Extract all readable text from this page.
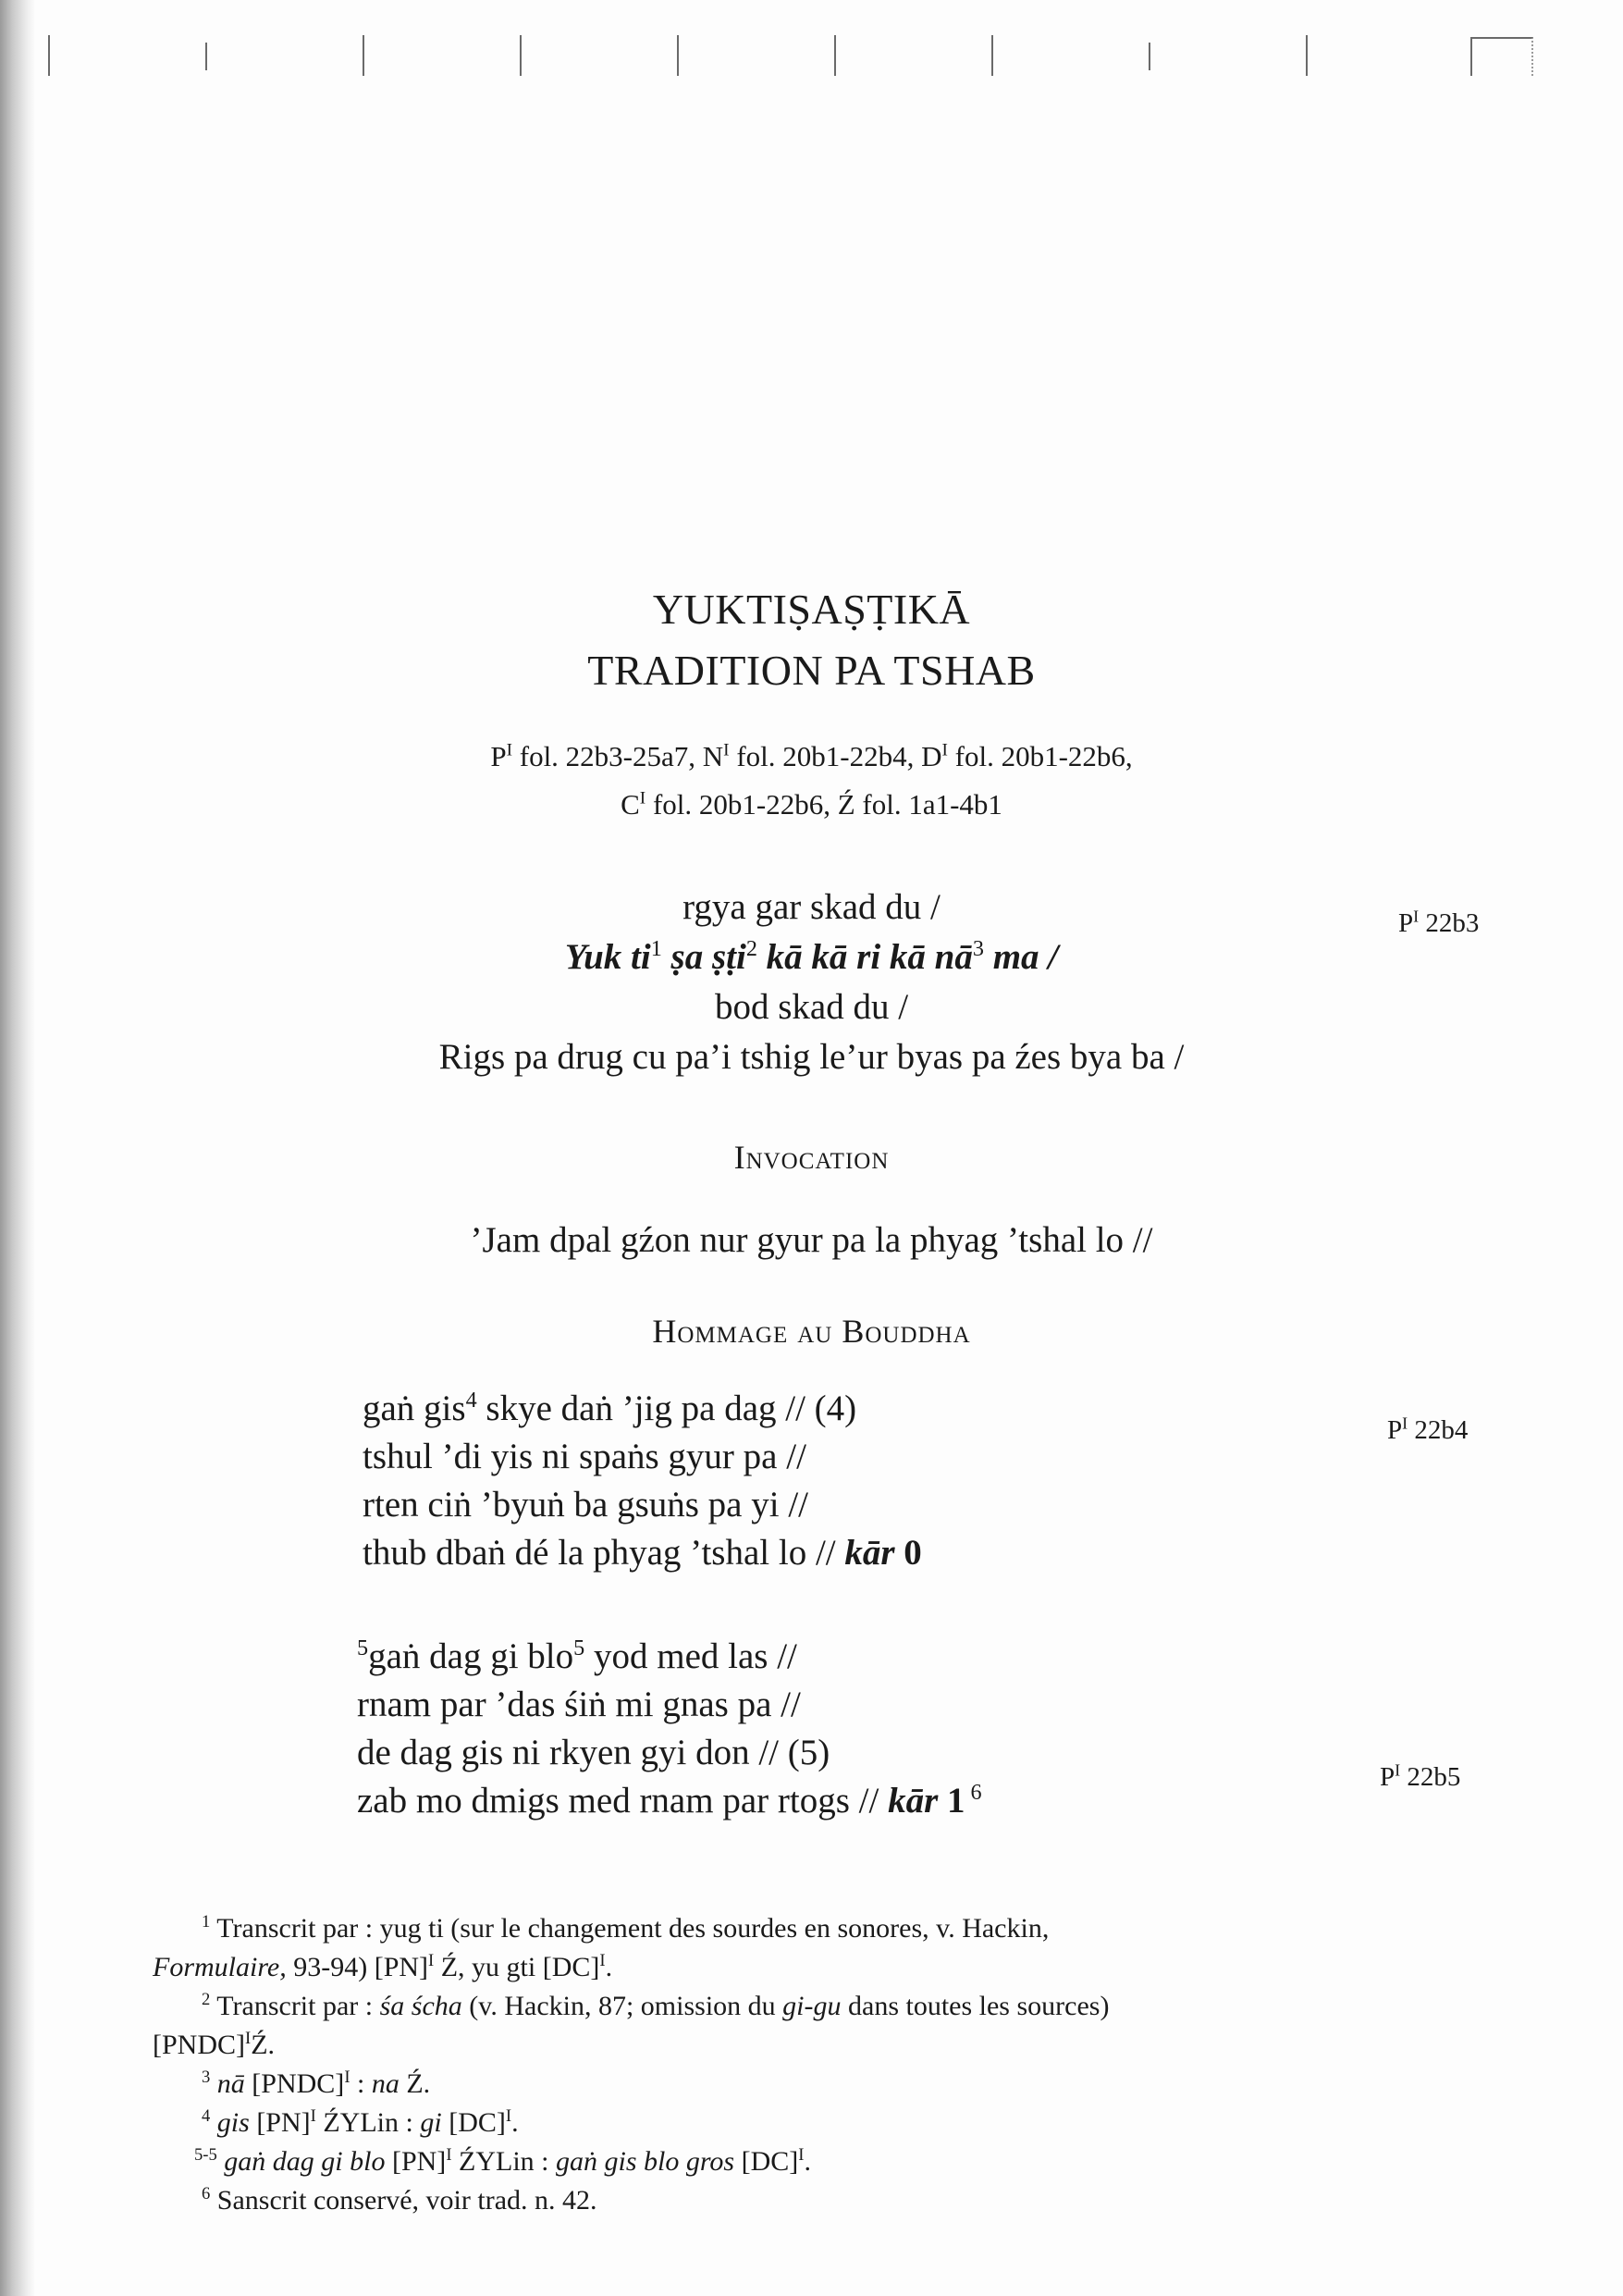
YUKTIṢAṢṬIKĀ
TRADITION PA TSHAB
$P^I$ fol. 22b3-25a7, $N^I$ fol. 20b1-22b4, $D^I$ fol. 20b1-22b6,
$C^I$ fol. 20b1-22b6, Ź fol. 1a1-4b1
rgya gar skad du /
Yuk $ti^1$ ṣa ṣṭi$^2$ kā kā ri kā $nā^3$ ma /
bod skad du /
Rigs pa drug cu pa’i tshig le’ur byas pa źes bya ba /
$P^I$ 22b3
$P^I$ 22b4
$P^I$ 22b5
Invocation
’Jam dpal gźon nur gyur pa la phyag ’tshal lo //
Hommage au Bouddha
gaṅ gis$^4$ skye daṅ ’jig pa dag // (4)
tshul ’di yis ni spaṅs gyur pa //
rten ciṅ ’byuṅ ba gsuṅs pa yi //
thub dbaṅ dé la phyag ’tshal lo // kār 0
$^5$gaṅ dag gi blo$^5$ yod med las //
rnam par ’das śiṅ mi gnas pa //
de dag gis ni rkyen gyi don // (5)
zab mo dmigs med rnam par rtogs // kār 1 $^6$
$^1$ Transcrit par : yug ti (sur le changement des sourdes en sonores, v. Hackin,
Formulaire, 93-94) [PN]$^I$ Ź, yu gti [DC]$^I$.
$^2$ Transcrit par : śa ścha (v. Hackin, 87; omission du gi-gu dans toutes les sources)
[PNDC]$^I$Ź.
$^3$ nā [PNDC]$^I$ : na Ź.
$^4$ gis [PN]$^I$ ŹYLin : gi [DC]$^I$.
$^{5-5}$ gaṅ dag gi blo [PN]$^I$ ŹYLin : gaṅ gis blo gros [DC]$^I$.
$^6$ Sanscrit conservé, voir trad. n. 42.
